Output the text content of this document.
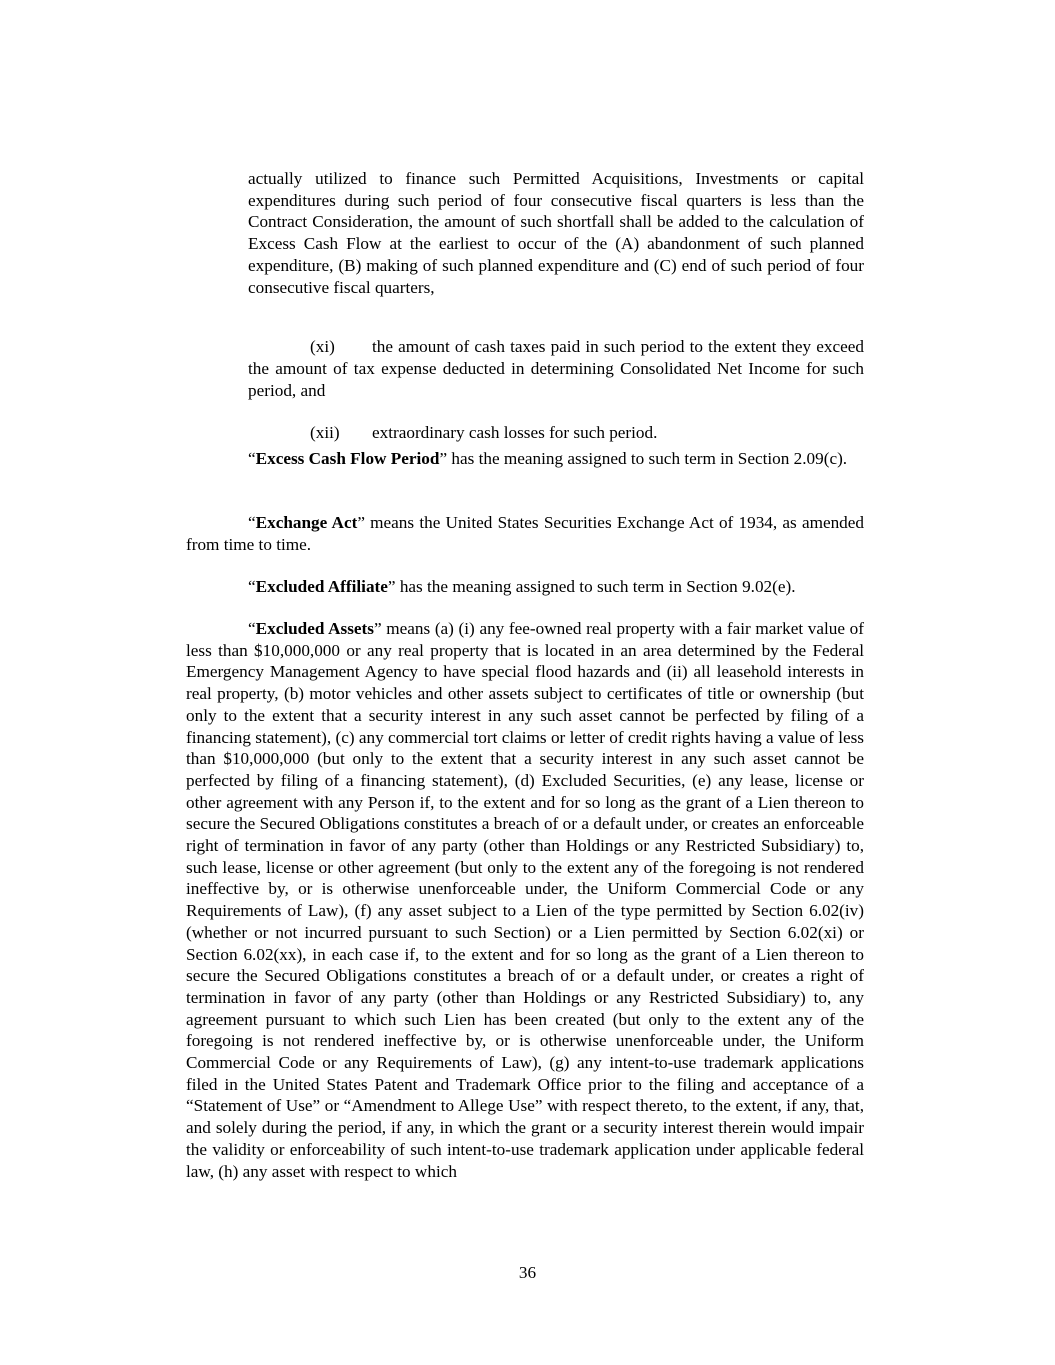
actually utilized to finance such Permitted Acquisitions, Investments or capital expenditures during such period of four consecutive fiscal quarters is less than the Contract Consideration, the amount of such shortfall shall be added to the calculation of Excess Cash Flow at the earliest to occur of the (A) abandonment of such planned expenditure, (B) making of such planned expenditure and (C) end of such period of four consecutive fiscal quarters,

(xi) the amount of cash taxes paid in such period to the extent they exceed the amount of tax expense deducted in determining Consolidated Net Income for such period, and

(xii) extraordinary cash losses for such period.

“Excess Cash Flow Period” has the meaning assigned to such term in Section 2.09(c).

“Exchange Act” means the United States Securities Exchange Act of 1934, as amended from time to time.

“Excluded Affiliate” has the meaning assigned to such term in Section 9.02(e).

“Excluded Assets” means (a) (i) any fee-owned real property with a fair market value of less than $10,000,000 or any real property that is located in an area determined by the Federal Emergency Management Agency to have special flood hazards and (ii) all leasehold interests in real property, (b) motor vehicles and other assets subject to certificates of title or ownership (but only to the extent that a security interest in any such asset cannot be perfected by filing of a financing statement), (c) any commercial tort claims or letter of credit rights having a value of less than $10,000,000 (but only to the extent that a security interest in any such asset cannot be perfected by filing of a financing statement), (d) Excluded Securities, (e) any lease, license or other agreement with any Person if, to the extent and for so long as the grant of a Lien thereon to secure the Secured Obligations constitutes a breach of or a default under, or creates an enforceable right of termination in favor of any party (other than Holdings or any Restricted Subsidiary) to, such lease, license or other agreement (but only to the extent any of the foregoing is not rendered ineffective by, or is otherwise unenforceable under, the Uniform Commercial Code or any Requirements of Law), (f) any asset subject to a Lien of the type permitted by Section 6.02(iv) (whether or not incurred pursuant to such Section) or a Lien permitted by Section 6.02(xi) or Section 6.02(xx), in each case if, to the extent and for so long as the grant of a Lien thereon to secure the Secured Obligations constitutes a breach of or a default under, or creates a right of termination in favor of any party (other than Holdings or any Restricted Subsidiary) to, any agreement pursuant to which such Lien has been created (but only to the extent any of the foregoing is not rendered ineffective by, or is otherwise unenforceable under, the Uniform Commercial Code or any Requirements of Law), (g) any intent-to-use trademark applications filed in the United States Patent and Trademark Office prior to the filing and acceptance of a “Statement of Use” or “Amendment to Allege Use” with respect thereto, to the extent, if any, that, and solely during the period, if any, in which the grant or a security interest therein would impair the validity or enforceability of such intent-to-use trademark application under applicable federal law, (h) any asset with respect to which

36
